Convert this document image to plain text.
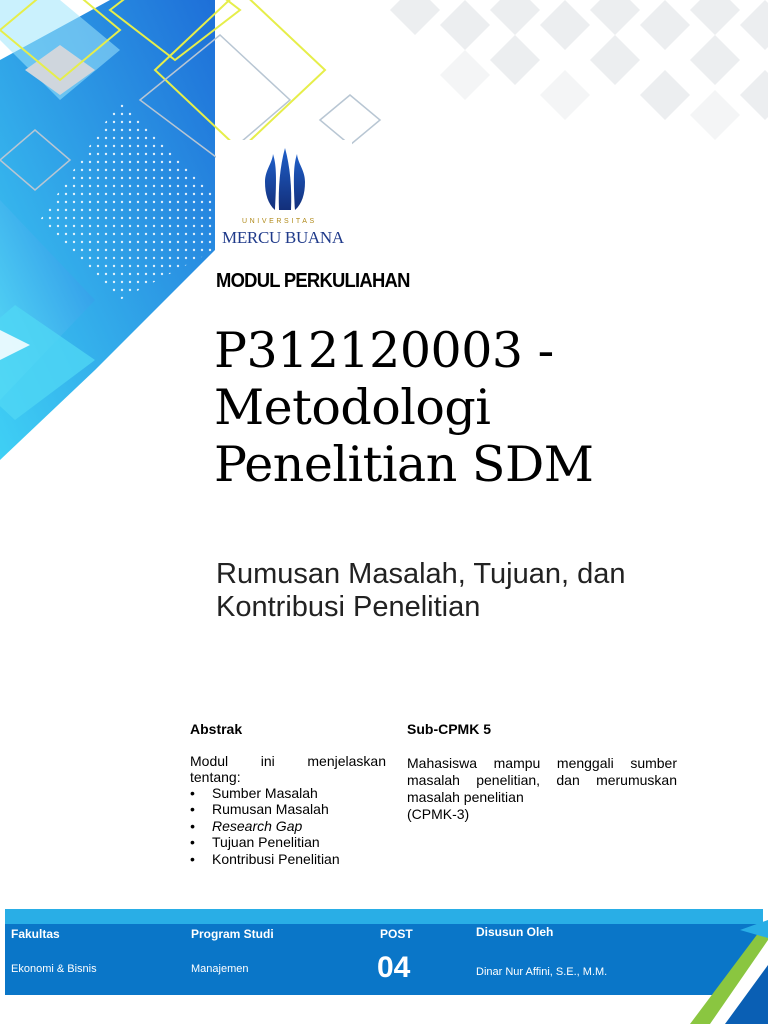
UNIVERSITAS
MERCU BUANA
MODUL PERKULIAHAN
P312120003 -
Metodologi
Penelitian SDM
Rumusan Masalah, Tujuan, dan
Kontribusi Penelitian
Abstrak
Modul ini menjelaskan
tentang:
• Sumber Masalah
• Rumusan Masalah
• Research Gap
• Tujuan Penelitian
• Kontribusi Penelitian
Sub-CPMK 5
Mahasiswa mampu menggali sumber masalah penelitian, dan merumuskan masalah penelitian
(CPMK-3)
Fakultas
Ekonomi & Bisnis
Program Studi
Manajemen
POST
04
Disusun Oleh
Dinar Nur Affini, S.E., M.M.
